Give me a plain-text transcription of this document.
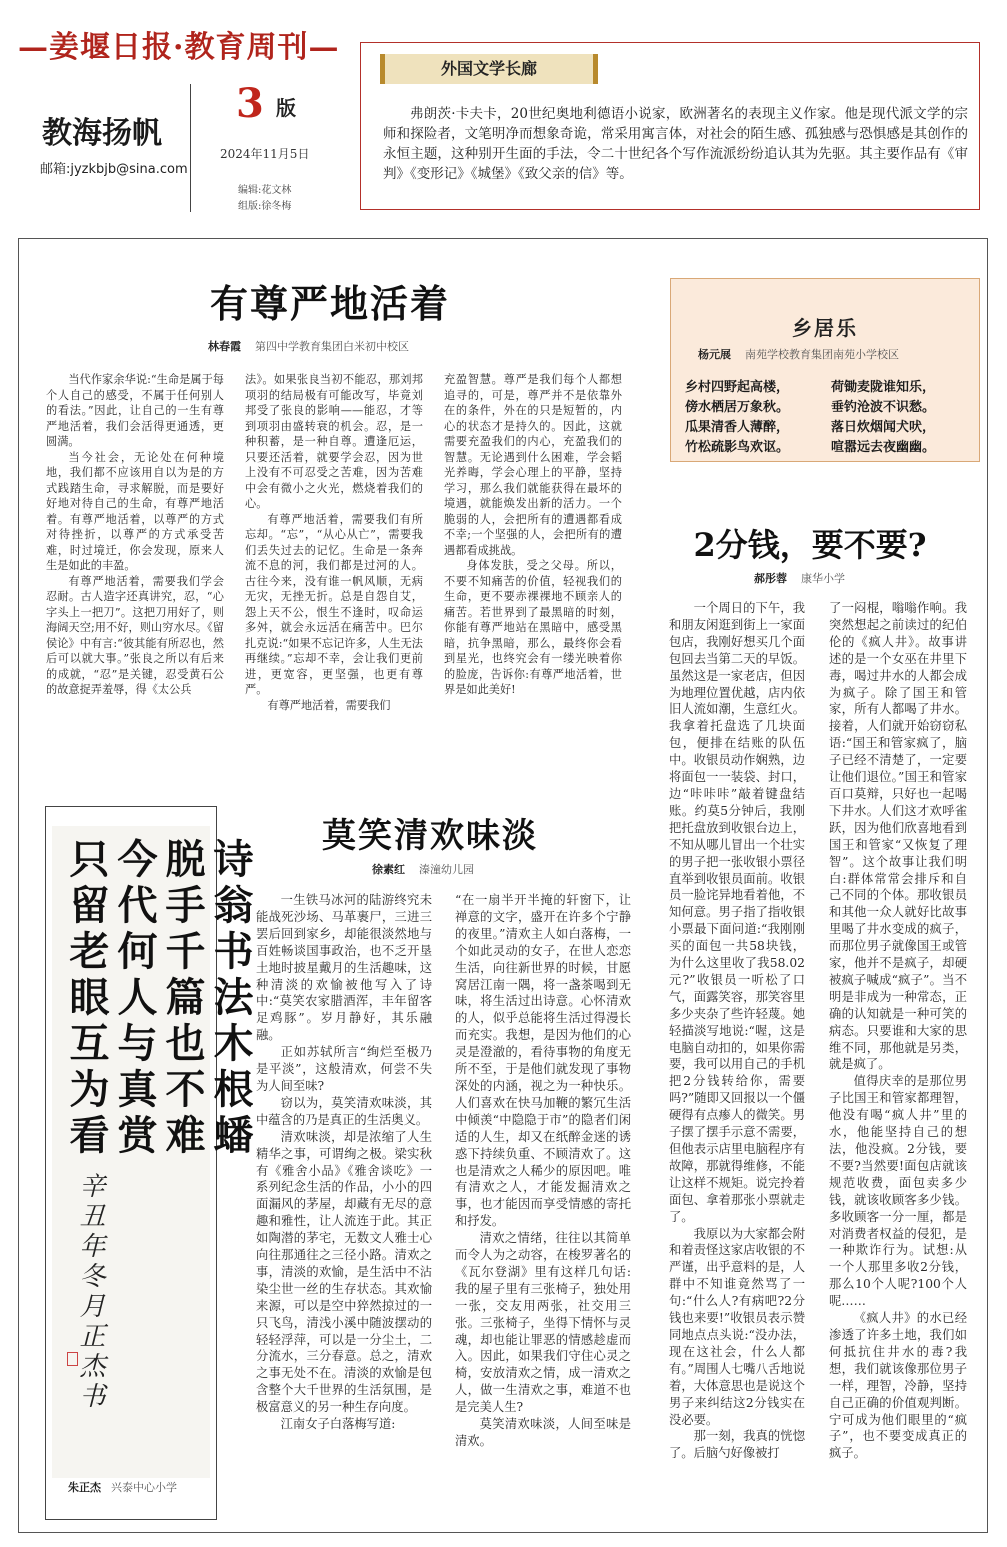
—姜堰日报·教育周刊—
教海扬帆
邮箱:jyzkbjb@sina.com
3 版
2024年11月5日
编辑:花文林
组版:徐冬梅
外国文学长廊
弗朗茨·卡夫卡，20世纪奥地利德语小说家，欧洲著名的表现主义作家。他是现代派文学的宗师和探险者，文笔明净而想象奇诡，常采用寓言体，对社会的陌生感、孤独感与恐惧感是其创作的永恒主题，这种别开生面的手法，令二十世纪各个写作流派纷纷追认其为先驱。其主要作品有《审判》《变形记》《城堡》《致父亲的信》等。
有尊严地活着
林春霞 第四中学教育集团白米初中校区

当代作家余华说:“生命是属于每个人自己的感受，不属于任何别人的看法。”因此，让自己的一生有尊严地活着，我们会活得更通透，更圆满。

当今社会，无论处在何种境地，我们都不应该用自以为是的方式践踏生命，寻求解脱，而是要好好地对待自己的生命，有尊严地活着。有尊严地活着，以尊严的方式对待挫折，以尊严的方式承受苦难，时过境迁，你会发现，原来人生是如此的丰盈。

有尊严地活着，需要我们学会忍耐。古人造字还真讲究，忍，“心字头上一把刀”。这把刀用好了，则海阔天空;用不好，则山穷水尽。《留侯论》中有言:“彼其能有所忍也，然后可以就大事。”张良之所以有后来的成就，“忍”是关键，忍受黄石公的故意捉弄羞辱，得《太公兵

法》。如果张良当初不能忍，那刘邦项羽的结局极有可能改写，毕竟刘邦受了张良的影响——能忍，才等到项羽由盛转衰的机会。忍，是一种积蓄，是一种自尊。遭逢厄运，只要还活着，就要学会忍，因为世上没有不可忍受之苦难，因为苦难中会有微小之火光，燃烧着我们的心。

有尊严地活着，需要我们有所忘却。“忘”，“从心从亡”，需要我们丢失过去的记忆。生命是一条奔流不息的河，我们都是过河的人。古往今来，没有谁一帆风顺，无病无灾，无挫无折。总是自怨自艾，怨上天不公，恨生不逢时，叹命运多舛，就会永远活在痛苦中。巴尔扎克说:“如果不忘记许多，人生无法再继续。”忘却不幸，会让我们更前进，更宽容，更坚强，也更有尊严。

有尊严地活着，需要我们

充盈智慧。尊严是我们每个人都想追寻的，可是，尊严并不是依靠外在的条件，外在的只是短暂的，内心的状态才是持久的。因此，这就需要充盈我们的内心，充盈我们的智慧。无论遇到什么困难，学会韬光养晦，学会心理上的平静，坚持学习，那么我们就能获得在最坏的境遇，就能焕发出新的活力。一个脆弱的人，会把所有的遭遇都看成不幸;一个坚强的人，会把所有的遭遇都看成挑战。

身体发肤，受之父母。所以，不要不知痛苦的价值，轻视我们的生命，更不要赤裸裸地不顾亲人的痛苦。若世界到了最黑暗的时刻，你能有尊严地站在黑暗中，感受黑暗，抗争黑暗，那么，最终你会看到星光，也终究会有一缕光映着你的脸庞，告诉你:有尊严地活着，世界是如此美好!

乡居乐
杨元展 南苑学校教育集团南苑小学校区
乡村四野起高楼，
傍水栖居万象秋。
瓜果清香人薄醉，
竹松疏影鸟欢讴。
荷锄麦陇谁知乐，
垂钓沧波不识愁。
落日炊烟闻犬吠，
喧嚣远去夜幽幽。
2分钱，要不要?
郝彤蓉 康华小学

一个周日的下午，我和朋友闲逛到街上一家面包店，我刚好想买几个面包回去当第二天的早饭。虽然这是一家老店，但因为地理位置优越，店内依旧人流如潮，生意红火。我拿着托盘选了几块面包，便排在结账的队伍中。收银员动作娴熟，边将面包一一装袋、封口，边“咔咔咔”敲着键盘结账。约莫5分钟后，我刚把托盘放到收银台边上，不知从哪儿冒出一个壮实的男子把一张收银小票径直举到收银员面前。收银员一脸诧异地看着他，不知何意。男子指了指收银小票最下面问道:“我刚刚买的面包一共58块钱，为什么这里收了我58.02元?”收银员一听松了口气，面露笑容，那笑容里多少夹杂了些许轻蔑。她轻描淡写地说:“喔，这是电脑自动扣的，如果你需要，我可以用自己的手机把2分钱转给你，需要吗?”随即又回报以一个僵硬得有点瘆人的微笑。男子摆了摆手示意不需要，但他表示店里电脑程序有故障，那就得维修，不能让这样不规矩。说完拎着面包、拿着那张小票就走了。

我原以为大家都会附和着责怪这家店收银的不严谨，出乎意料的是，人群中不知谁竟然骂了一句:“什么人?有病吧?2分钱也来要!”收银员表示赞同地点点头说:“没办法，现在这社会，什么人都有。”周围人七嘴八舌地说着，大体意思也是说这个男子来纠结这2分钱实在没必要。

那一刻，我真的恍惚了。后脑勺好像被打

了一闷棍，嗡嗡作响。我突然想起之前读过的纪伯伦的《疯人井》。故事讲述的是一个女巫在井里下毒，喝过井水的人都会成为疯子。除了国王和管家，所有人都喝了井水。接着，人们就开始窃窃私语:“国王和管家疯了，脑子已经不清楚了，一定要让他们退位。”国王和管家百口莫辩，只好也一起喝下井水。人们这才欢呼雀跃，因为他们欣喜地看到国王和管家“又恢复了理智”。这个故事让我们明白:群体常常会排斥和自己不同的个体。那收银员和其他一众人就好比故事里喝了井水变成的疯子，而那位男子就像国王或管家，他并不是疯子，却硬被疯子喊成“疯子”。当不明是非成为一种常态，正确的认知就是一种可笑的病态。只要谁和大家的思维不同，那他就是另类，就是疯了。

值得庆幸的是那位男子比国王和管家都理智，他没有喝“疯人井”里的水，他能坚持自己的想法，他没疯。2分钱，要不要?当然要!面包店就该规范收费，面包卖多少钱，就该收顾客多少钱。多收顾客一分一厘，都是对消费者权益的侵犯，是一种欺诈行为。试想:从一个人那里多收2分钱，那么10个人呢?100个人呢……

《疯人井》的水已经渗透了许多土地，我们如何抵抗住井水的毒?我想，我们就该像那位男子一样，理智，冷静，坚持自己正确的价值观判断。宁可成为他们眼里的“疯子”，也不要变成真正的疯子。

莫笑清欢味淡
徐素红 溱潼幼儿园

一生铁马冰河的陆游终究未能战死沙场、马革裹尸，三进三罢后回到家乡，却能很淡然地与百姓畅谈国事政治，也不乏开垦土地时披星戴月的生活趣味，这种清淡的欢愉被他写入了诗中:“莫笑农家腊酒浑，丰年留客足鸡豚”。岁月静好，其乐融融。

正如苏轼所言“绚烂至极乃是平淡”，这般清欢，何尝不失为人间至味?

窃以为，莫笑清欢味淡，其中蕴含的乃是真正的生活奥义。

清欢味淡，却是浓缩了人生精华之事，可谓绚之极。梁实秋有《雅舍小品》《雅舍谈吃》一系列纪念生活的作品，小小的四面漏风的茅屋，却藏有无尽的意趣和雅性，让人流连于此。其正如陶潜的茅宅，无数文人雅士心向往那通往之三径小路。清欢之事，清淡的欢愉，是生活中不沾染尘世一丝的生存状态。其欢愉来源，可以是空中猝然掠过的一只飞鸟，清浅小溪中随波摆动的轻轻浮萍，可以是一分尘土，二分流水，三分春意。总之，清欢之事无处不在。清淡的欢愉是包含整个大千世界的生活氛围，是极富意义的另一种生存向度。

江南女子白落梅写道:

“在一扇半开半掩的轩窗下，让禅意的文字，盛开在许多个宁静的夜里。”清欢主人如白落梅，一个如此灵动的女子，在世人恋恋生活，向往新世界的时候，甘愿窝居江南一隅，将一盏茶喝到无味，将生活过出诗意。心怀清欢的人，似乎总能将生活过得漫长而充实。我想，是因为他们的心灵是澄澈的，看待事物的角度无所不至，于是他们就发现了事物深处的内涵，视之为一种快乐。人们喜欢在快马加鞭的繁冗生活中倾羡“中隐隐于市”的隐者们闲适的人生，却又在纸醉金迷的诱惑下持续负重、不顾清欢了。这也是清欢之人稀少的原因吧。唯有清欢之人，才能发掘清欢之事，也才能因而享受情感的寄托和抒发。

清欢之情绪，往往以其简单而令人为之动容，在梭罗著名的《瓦尔登湖》里有这样几句话:我的屋子里有三张椅子，独处用一张，交友用两张，社交用三张。三张椅子，坐得下情怀与灵魂，却也能让罪恶的情感趁虚而入。因此，如果我们守住心灵之椅，安放清欢之情，成一清欢之人，做一生清欢之事，难道不也是完美人生?

莫笑清欢味淡，人间至味是清欢。

诗翁书法木根蟠
脱手千篇也不难
今代何人与真赏
只留老眼互为看
辛丑年冬月正杰书
朱正杰 兴泰中心小学
